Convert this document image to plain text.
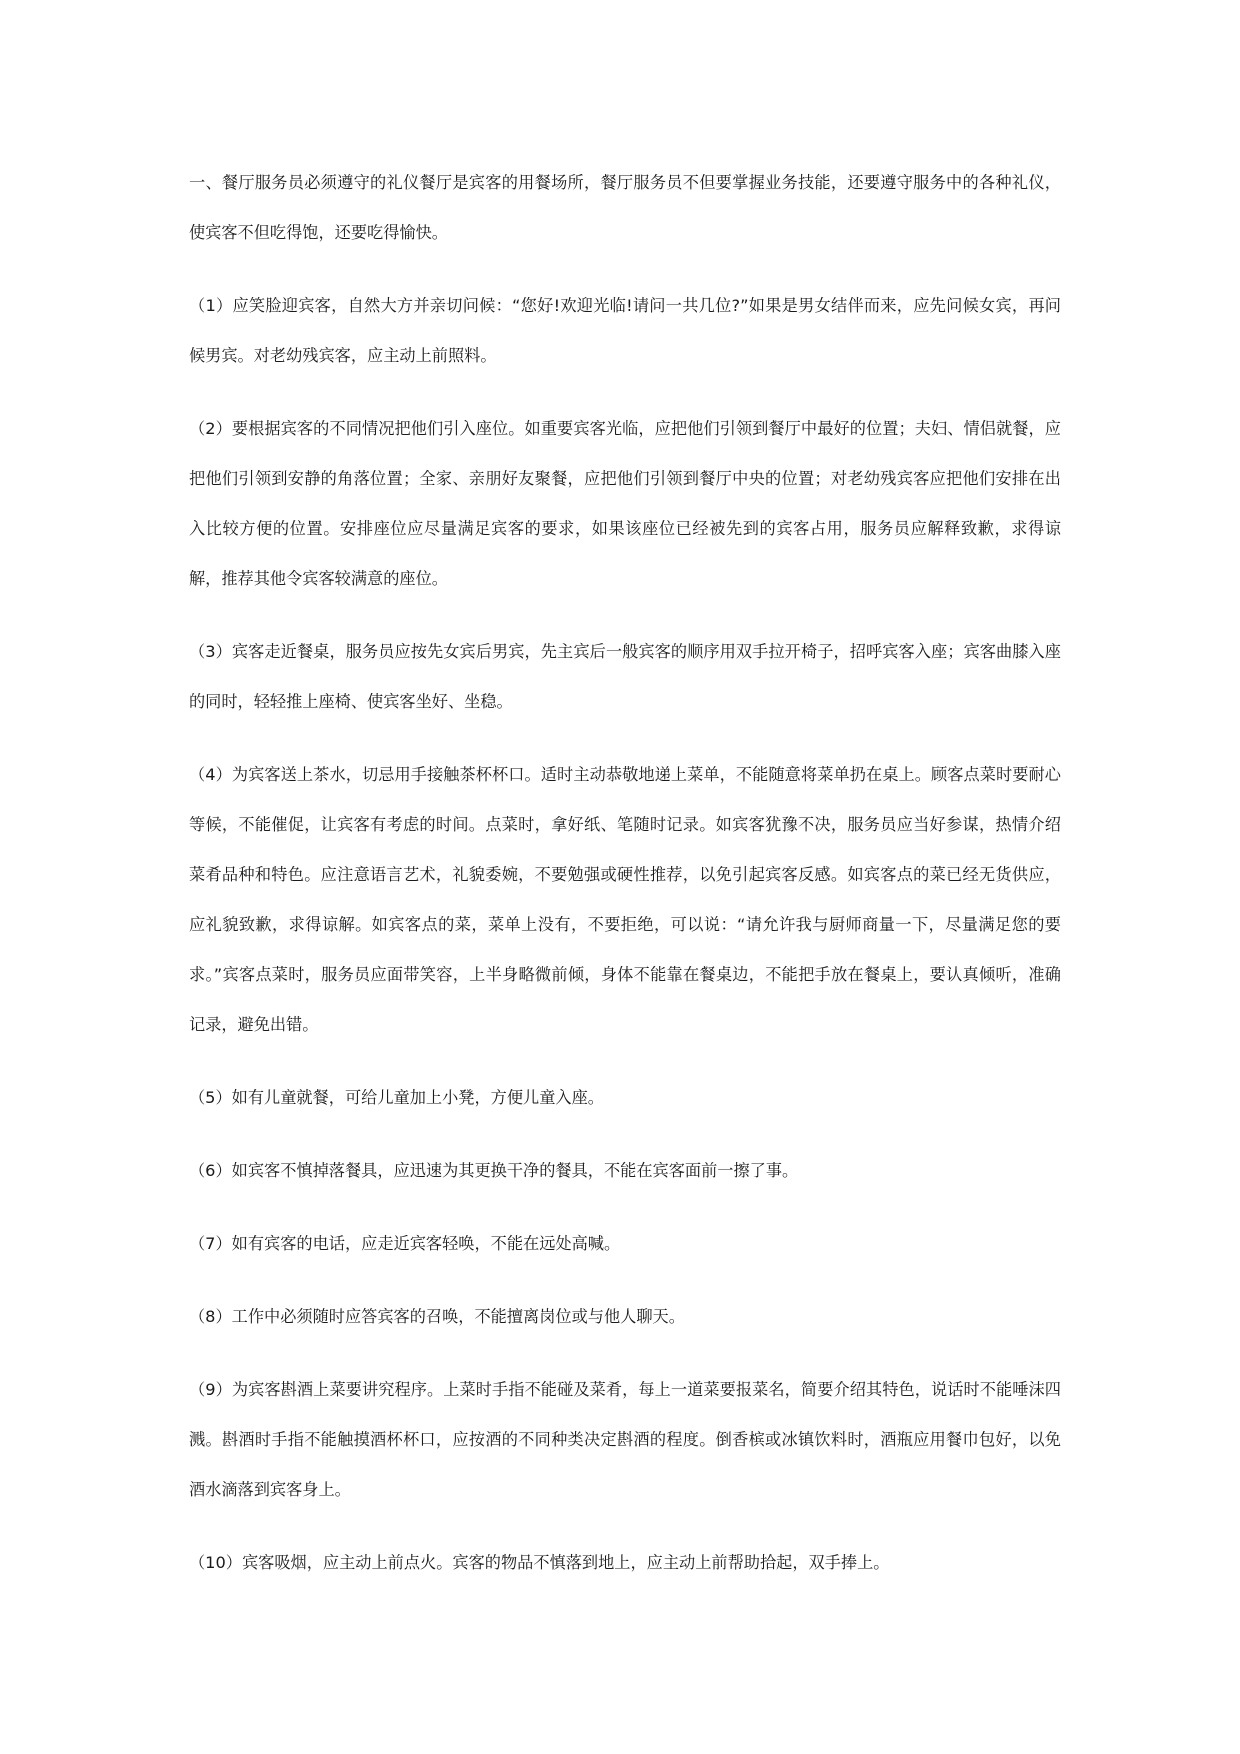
一、餐厅服务员必须遵守的礼仪餐厅是宾客的用餐场所，餐厅服务员不但要掌握业务技能，还要遵守服务中的各种礼仪，使宾客不但吃得饱，还要吃得愉快。

（1）应笑脸迎宾客，自然大方并亲切问候：“您好!欢迎光临!请问一共几位?”如果是男女结伴而来，应先问候女宾，再问候男宾。对老幼残宾客，应主动上前照料。

（2）要根据宾客的不同情况把他们引入座位。如重要宾客光临，应把他们引领到餐厅中最好的位置；夫妇、情侣就餐，应把他们引领到安静的角落位置；全家、亲朋好友聚餐，应把他们引领到餐厅中央的位置；对老幼残宾客应把他们安排在出入比较方便的位置。安排座位应尽量满足宾客的要求，如果该座位已经被先到的宾客占用，服务员应解释致歉，求得谅解，推荐其他令宾客较满意的座位。

（3）宾客走近餐桌，服务员应按先女宾后男宾，先主宾后一般宾客的顺序用双手拉开椅子，招呼宾客入座；宾客曲膝入座的同时，轻轻推上座椅、使宾客坐好、坐稳。

（4）为宾客送上茶水，切忌用手接触茶杯杯口。适时主动恭敬地递上菜单，不能随意将菜单扔在桌上。顾客点菜时要耐心等候，不能催促，让宾客有考虑的时间。点菜时，拿好纸、笔随时记录。如宾客犹豫不决，服务员应当好参谋，热情介绍菜肴品种和特色。应注意语言艺术，礼貌委婉，不要勉强或硬性推荐，以免引起宾客反感。如宾客点的菜已经无货供应，应礼貌致歉，求得谅解。如宾客点的菜，菜单上没有，不要拒绝，可以说：“请允许我与厨师商量一下，尽量满足您的要求。”宾客点菜时，服务员应面带笑容，上半身略微前倾，身体不能靠在餐桌边，不能把手放在餐桌上，要认真倾听，准确记录，避免出错。

（5）如有儿童就餐，可给儿童加上小凳，方便儿童入座。

（6）如宾客不慎掉落餐具，应迅速为其更换干净的餐具，不能在宾客面前一擦了事。

（7）如有宾客的电话，应走近宾客轻唤，不能在远处高喊。

（8）工作中必须随时应答宾客的召唤，不能擅离岗位或与他人聊天。

（9）为宾客斟酒上菜要讲究程序。上菜时手指不能碰及菜肴，每上一道菜要报菜名，简要介绍其特色，说话时不能唾沫四溅。斟酒时手指不能触摸酒杯杯口，应按酒的不同种类决定斟酒的程度。倒香槟或冰镇饮料时，酒瓶应用餐巾包好，以免酒水滴落到宾客身上。

（10）宾客吸烟，应主动上前点火。宾客的物品不慎落到地上，应主动上前帮助拾起，双手捧上。
